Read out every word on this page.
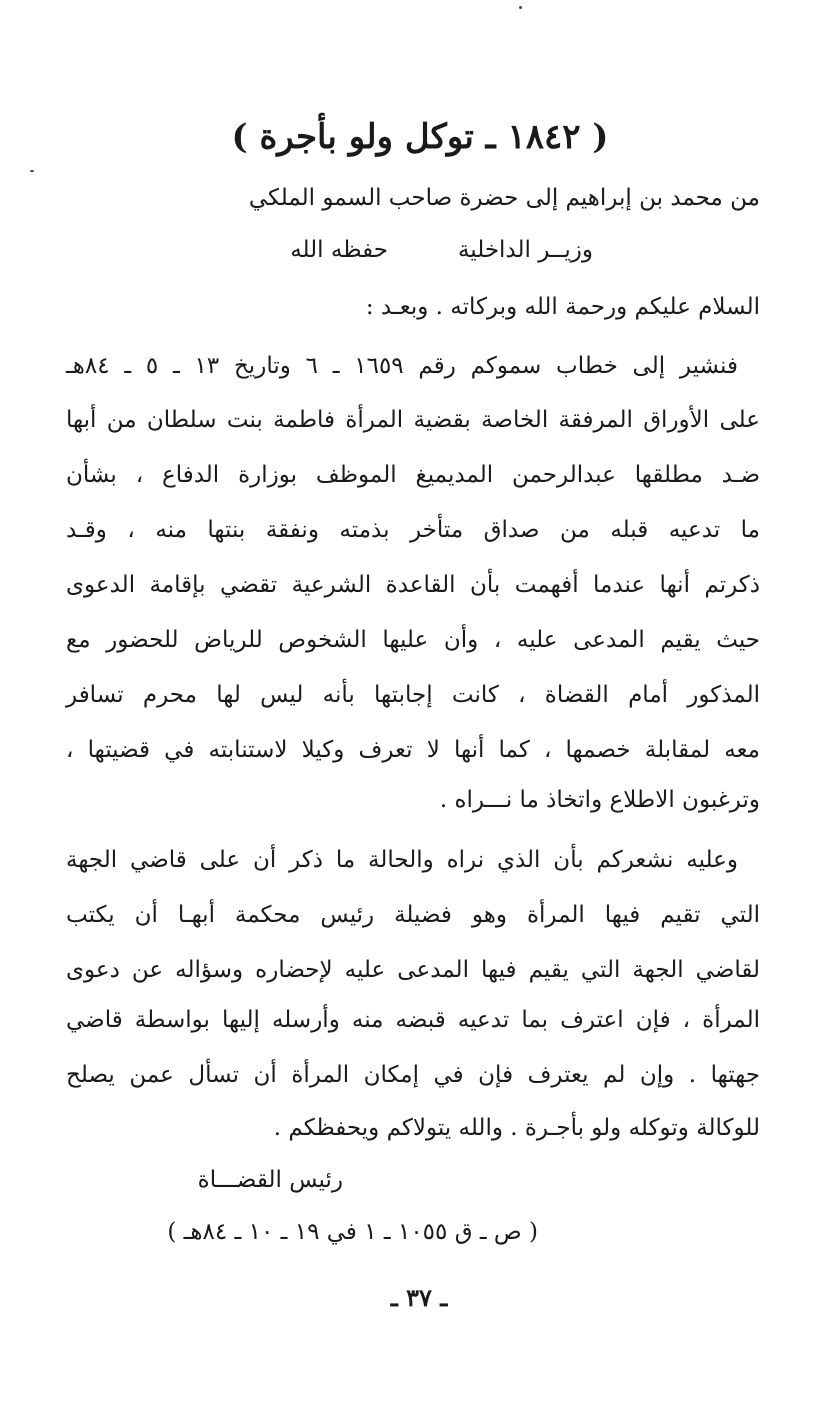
( ١٨٤٢ ـ توكل ولو بأجرة )
من محمد بن إبراهيم إلى حضرة صاحب السمو الملكي
وزيــر الداخليةحفظه الله
السلام عليكم ورحمة الله وبركاته . وبعـد :
فنشير إلى خطاب سموكم رقم ١٦٥٩ ـ ٦ وتاريخ ١٣ ـ ٥ ـ ٨٤هـ
على الأوراق المرفقة الخاصة بقضية المرأة فاطمة بنت سلطان من أبها
ضـد مطلقها عبدالرحمن المديميغ الموظف بوزارة الدفاع ، بشأن
ما تدعيه قبله من صداق متأخر بذمته ونفقة بنتها منه ، وقـد
ذكرتم أنها عندما أفهمت بأن القاعدة الشرعية تقضي بإقامة الدعوى
حيث يقيم المدعى عليه ، وأن عليها الشخوص للرياض للحضور مع
المذكور أمام القضاة ، كانت إجابتها بأنه ليس لها محرم تسافر
معه لمقابلة خصمها ، كما أنها لا تعرف وكيلا لاستنابته في قضيتها ،
وترغبون الاطلاع واتخاذ ما نـــراه .
وعليه نشعركم بأن الذي نراه والحالة ما ذكر أن على قاضي الجهة
التي تقيم فيها المرأة وهو فضيلة رئيس محكمة أبهـا أن يكتب
لقاضي الجهة التي يقيم فيها المدعى عليه لإحضاره وسؤاله عن دعوى
المرأة ، فإن اعترف بما تدعيه قبضه منه وأرسله إليها بواسطة قاضي
جهتها . وإن لم يعترف فإن في إمكان المرأة أن تسأل عمن يصلح
للوكالة وتوكله ولو بأجـرة . والله يتولاكم ويحفظكم .
رئيس القضـــاة
( ص ـ ق ١٠٥٥ ـ ١ في ١٩ ـ ١٠ ـ ٨٤هـ )
ـ ٣٧ ـ
